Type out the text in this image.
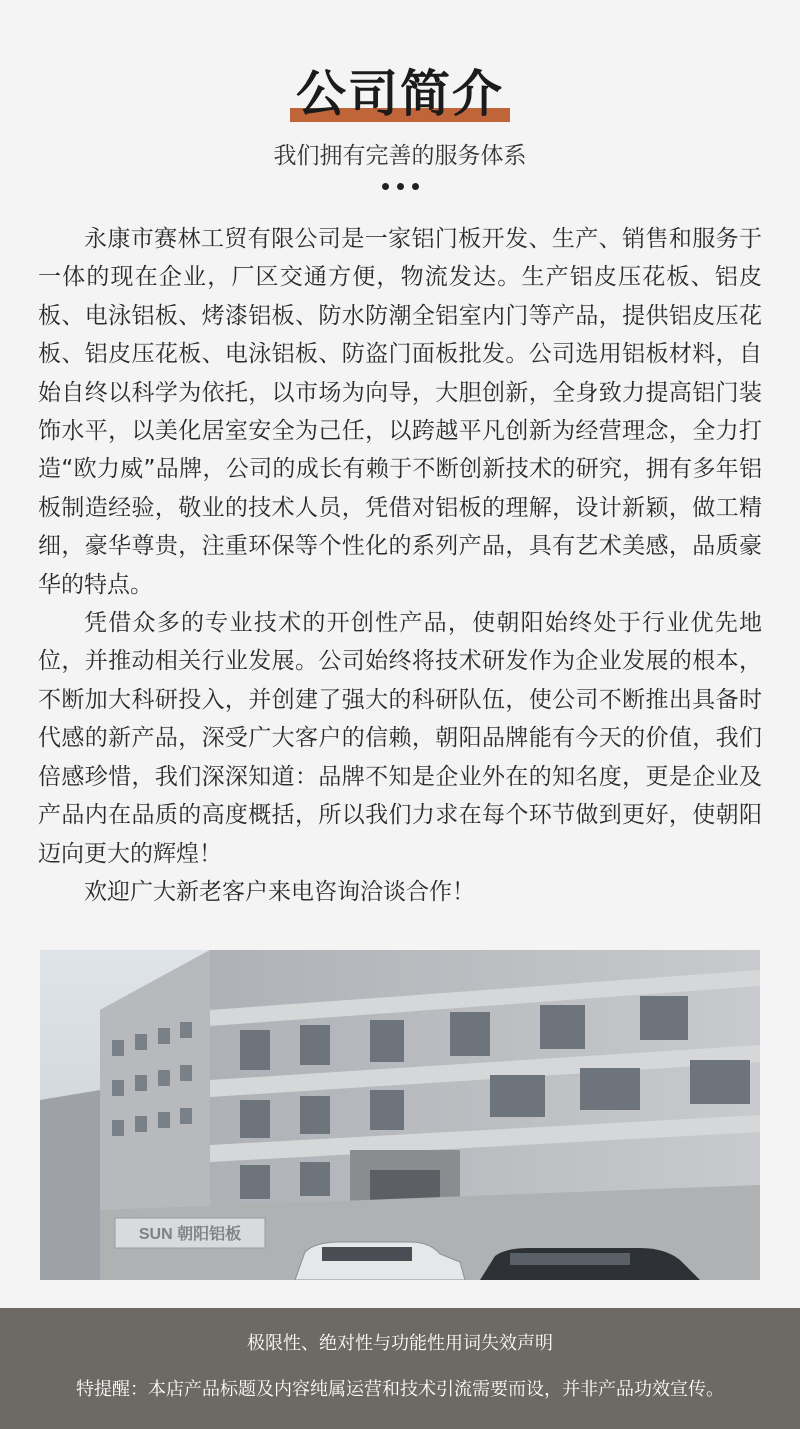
公司简介
我们拥有完善的服务体系

永康市赛林工贸有限公司是一家铝门板开发、生产、销售和服务于一体的现在企业，厂区交通方便，物流发达。生产铝皮压花板、铝皮板、电泳铝板、烤漆铝板、防水防潮全铝室内门等产品，提供铝皮压花板、铝皮压花板、电泳铝板、防盗门面板批发。公司选用铝板材料，自始自终以科学为依托，以市场为向导，大胆创新，全身致力提高铝门装饰水平，以美化居室安全为己任，以跨越平凡创新为经营理念，全力打造“欧力威”品牌，公司的成长有赖于不断创新技术的研究，拥有多年铝板制造经验，敬业的技术人员，凭借对铝板的理解，设计新颖，做工精细，豪华尊贵，注重环保等个性化的系列产品，具有艺术美感，品质豪华的特点。

凭借众多的专业技术的开创性产品，使朝阳始终处于行业优先地位，并推动相关行业发展。公司始终将技术研发作为企业发展的根本，不断加大科研投入，并创建了强大的科研队伍，使公司不断推出具备时代感的新产品，深受广大客户的信赖，朝阳品牌能有今天的价值，我们倍感珍惜，我们深深知道：品牌不知是企业外在的知名度，更是企业及产品内在品质的高度概括，所以我们力求在每个环节做到更好，使朝阳迈向更大的辉煌！

欢迎广大新老客户来电咨询洽谈合作！

SUN 朝阳铝板
极限性、绝对性与功能性用词失效声明
特提醒：本店产品标题及内容纯属运营和技术引流需要而设，并非产品功效宣传。
